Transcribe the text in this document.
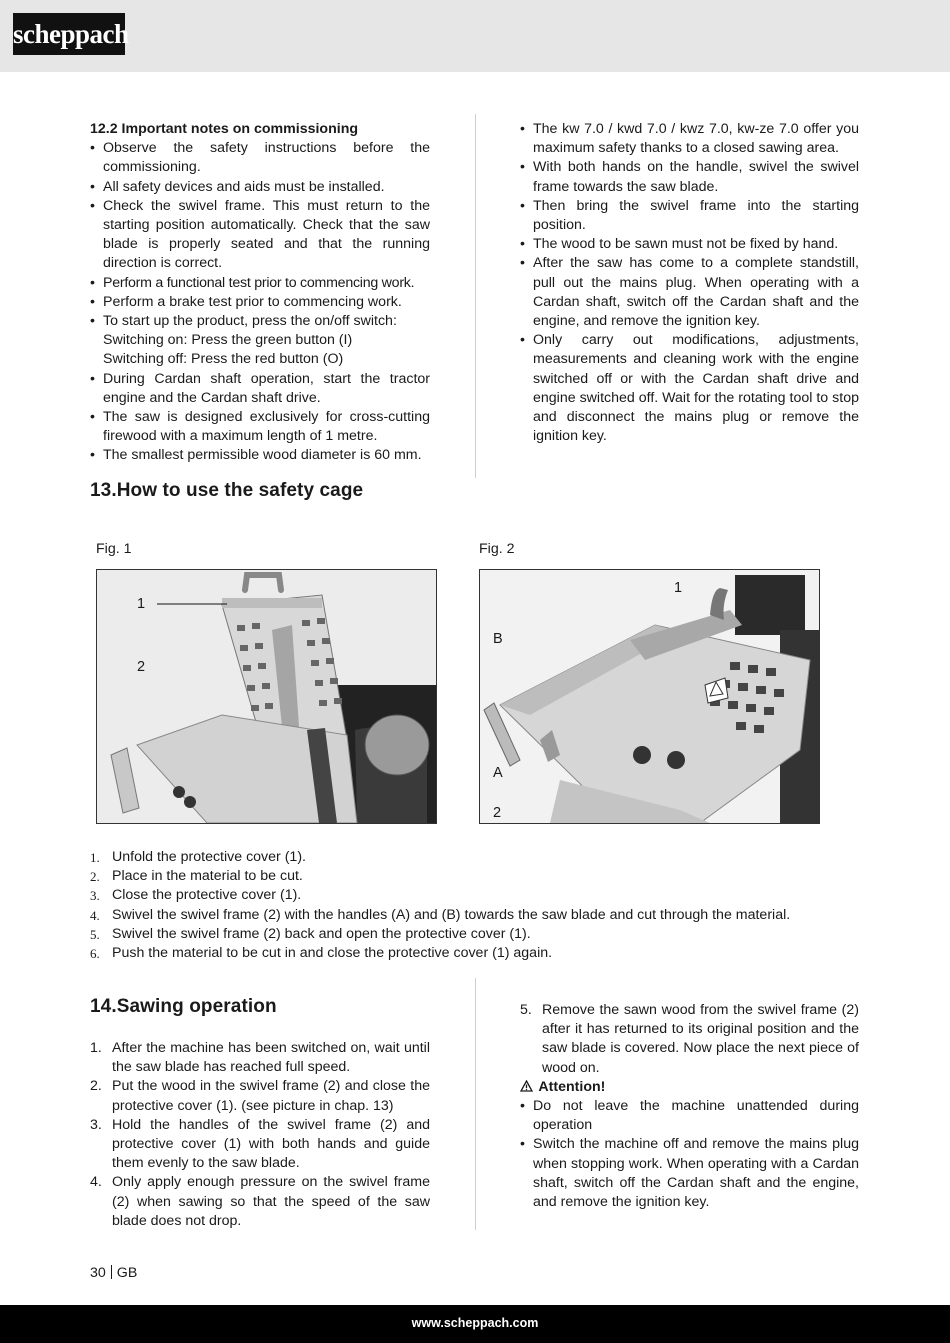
scheppach
12.2 Important notes on commissioning
• Observe the safety instructions before the commissioning.
• All safety devices and aids must be installed.
• Check the swivel frame. This must return to the starting position automatically. Check that the saw blade is properly seated and that the running direction is correct.
• Perform a functional test prior to commencing work.
• Perform a brake test prior to commencing work.
• To start up the product, press the on/off switch:
Switching on: Press the green button (I)
Switching off: Press the red button (O)
• During Cardan shaft operation, start the tractor engine and the Cardan shaft drive.
• The saw is designed exclusively for cross-cutting firewood with a maximum length of 1 metre.
• The smallest permissible wood diameter is 60 mm.
• The kw 7.0 / kwd 7.0 / kwz 7.0, kw-ze 7.0 offer you maximum safety thanks to a closed sawing area.
• With both hands on the handle, swivel the swivel frame towards the saw blade.
• Then bring the swivel frame into the starting position.
• The wood to be sawn must not be fixed by hand.
• After the saw has come to a complete standstill, pull out the mains plug. When operating with a Cardan shaft, switch off the Cardan shaft and the engine, and remove the ignition key.
• Only carry out modifications, adjustments, measurements and cleaning work with the engine switched off or with the Cardan shaft drive and engine switched off. Wait for the rotating tool to stop and disconnect the mains plug or remove the ignition key.
13.How to use the safety cage
Fig. 1	Fig. 2
1
2
1
B
A
2
1. Unfold the protective cover (1).
2. Place in the material to be cut.
3. Close the protective cover (1).
4. Swivel the swivel frame (2) with the handles (A) and (B) towards the saw blade and cut through the material.
5. Swivel the swivel frame (2) back and open the protective cover (1).
6. Push the material to be cut in and close the protective cover (1) again.
14.Sawing operation
1. After the machine has been switched on, wait until the saw blade has reached full speed.
2. Put the wood in the swivel frame (2) and close the protective cover (1). (see picture in chap. 13)
3. Hold the handles of the swivel frame (2) and protective cover (1) with both hands and guide them evenly to the saw blade.
4. Only apply enough pressure on the swivel frame (2) when sawing so that the speed of the saw blade does not drop.
5. Remove the sawn wood from the swivel frame (2) after it has returned to its original position and the saw blade is covered. Now place the next piece of wood on.
Attention!
• Do not leave the machine unattended during operation
• Switch the machine off and remove the mains plug when stopping work. When operating with a Cardan shaft, switch off the Cardan shaft and the engine, and remove the ignition key.
30 GB
www.scheppach.com
